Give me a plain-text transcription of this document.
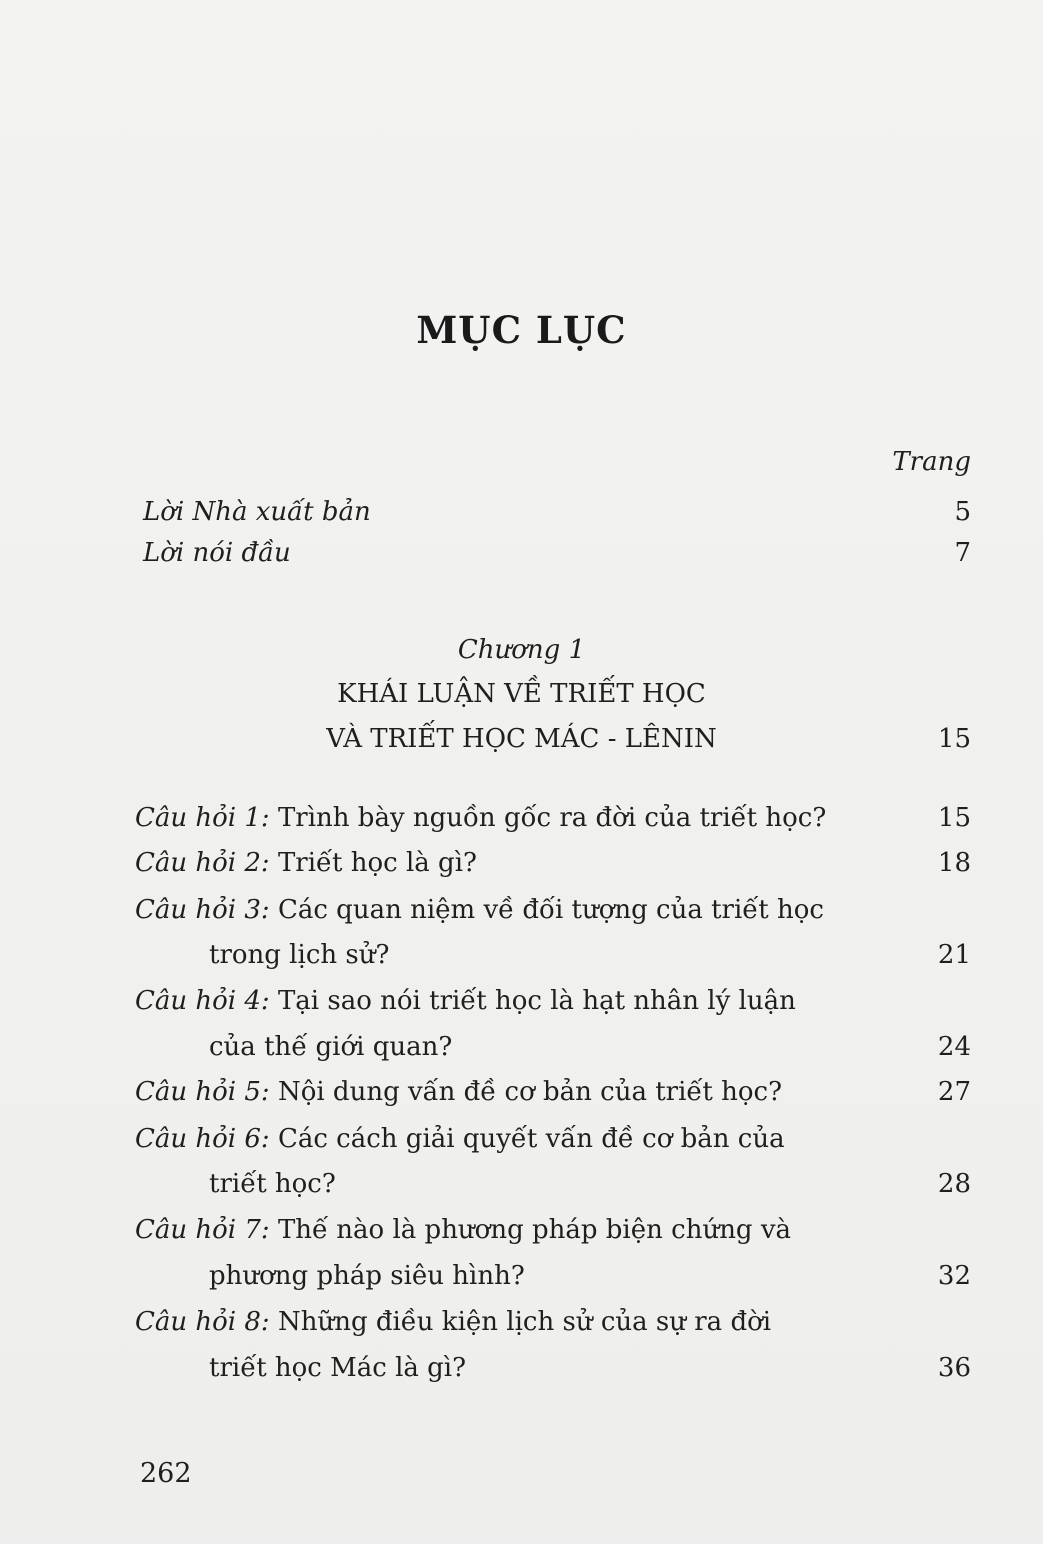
MỤC LỤC
Trang
Lời Nhà xuất bản	5
Lời nói đầu	7
Chương 1
KHÁI LUẬN VỀ TRIẾT HỌC
VÀ TRIẾT HỌC MÁC - LÊNIN	15
Câu hỏi 1: Trình bày nguồn gốc ra đời của triết học?	15
Câu hỏi 2: Triết học là gì?	18
Câu hỏi 3: Các quan niệm về đối tượng của triết học
trong lịch sử?	21
Câu hỏi 4: Tại sao nói triết học là hạt nhân lý luận
của thế giới quan?	24
Câu hỏi 5: Nội dung vấn đề cơ bản của triết học?	27
Câu hỏi 6: Các cách giải quyết vấn đề cơ bản của
triết học?	28
Câu hỏi 7: Thế nào là phương pháp biện chứng và
phương pháp siêu hình?	32
Câu hỏi 8: Những điều kiện lịch sử của sự ra đời
triết học Mác là gì?	36
262
